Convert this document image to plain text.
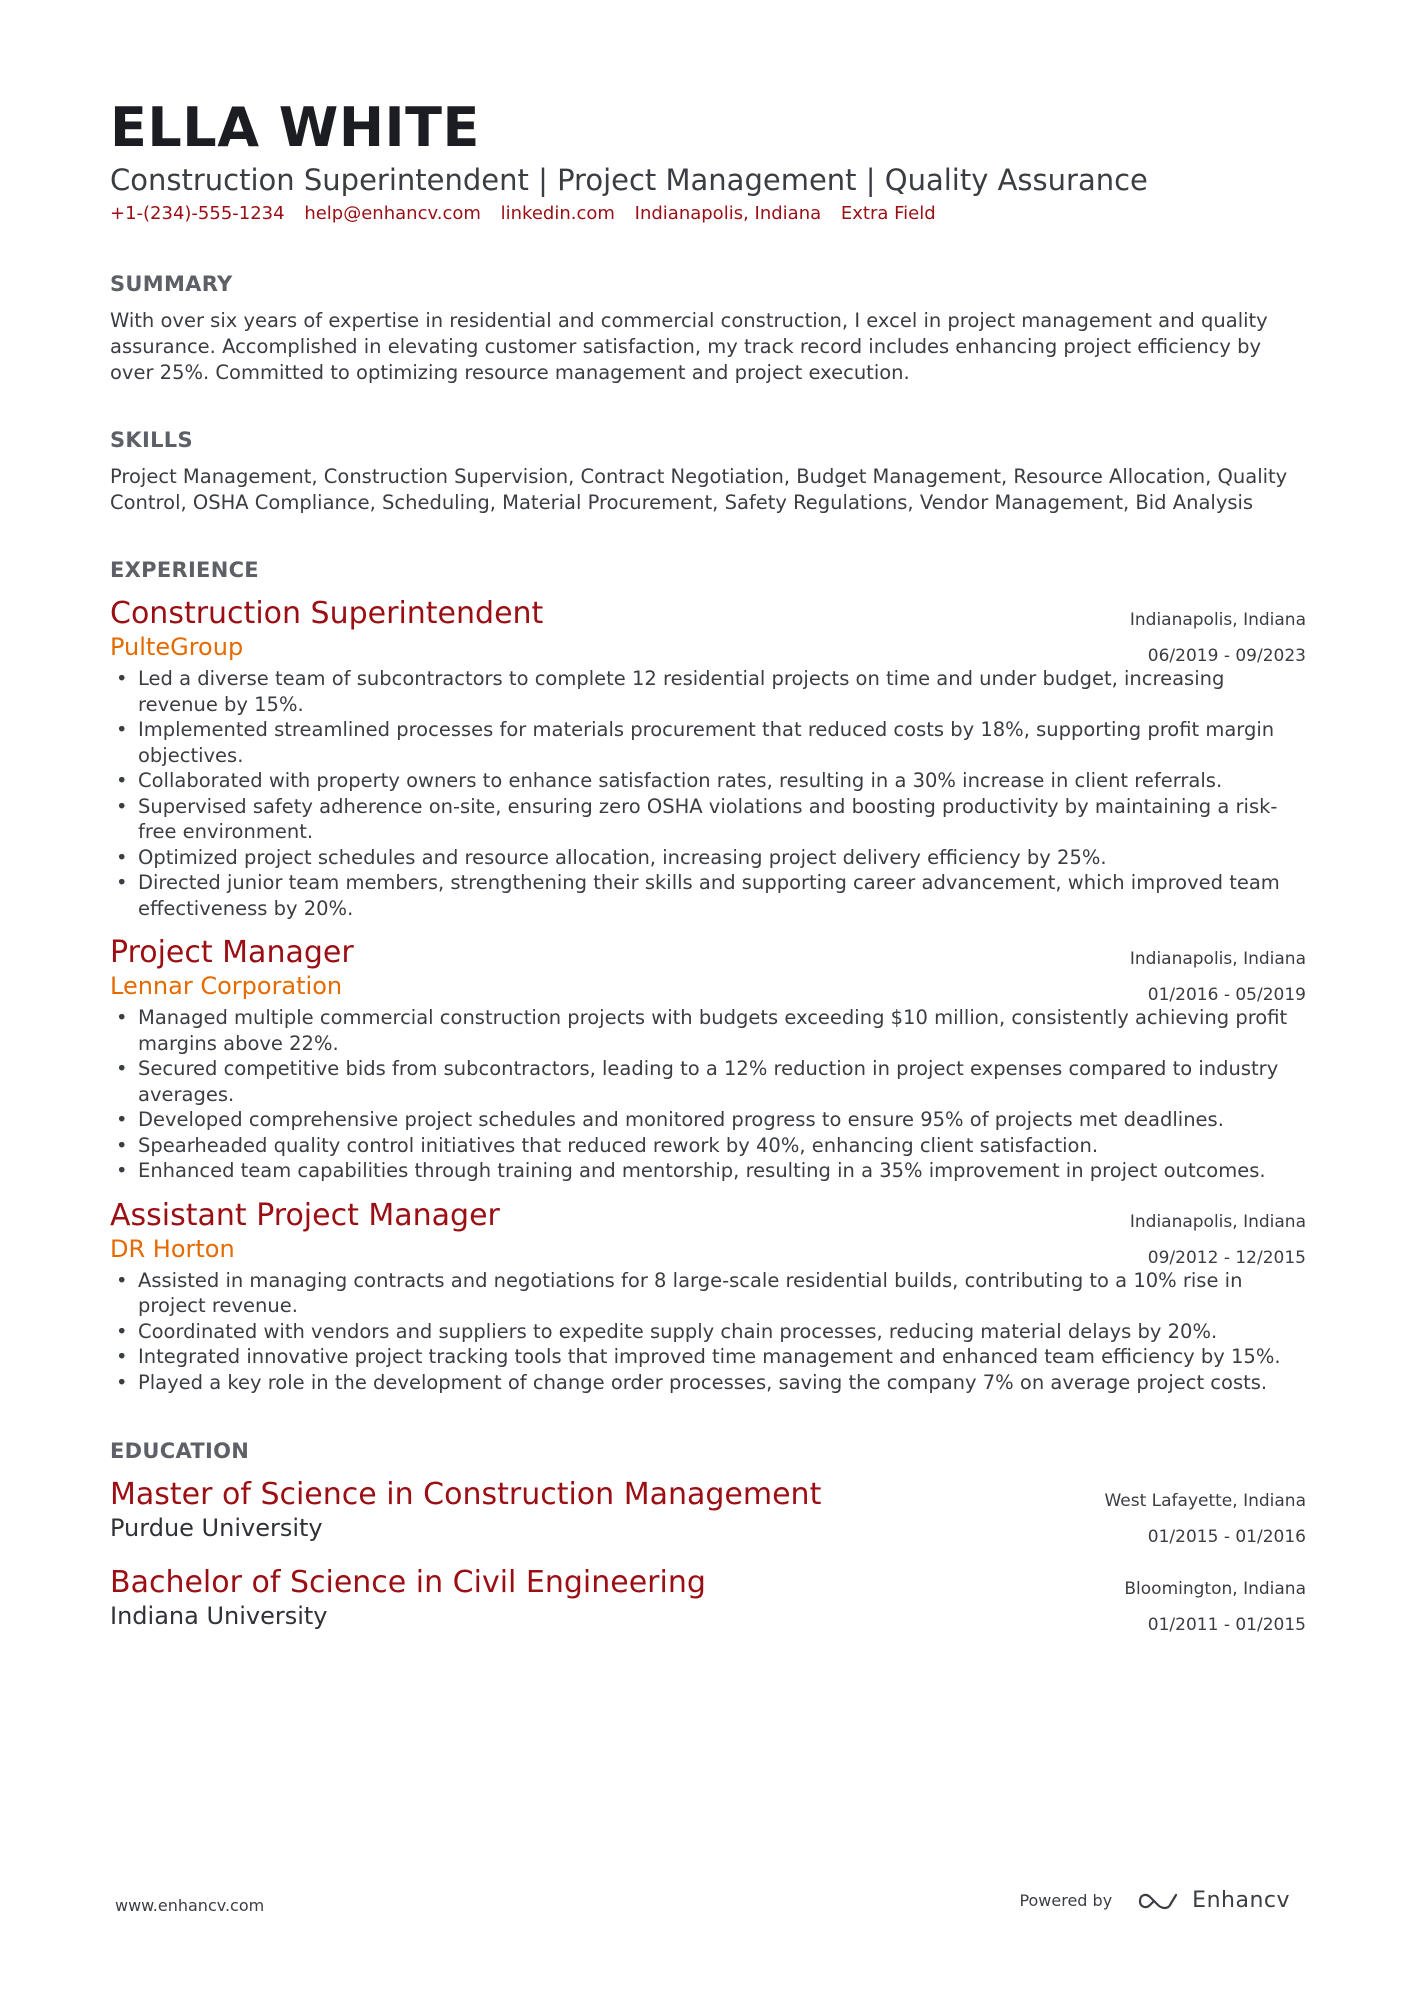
ELLA WHITE
Construction Superintendent | Project Management | Quality Assurance
+1-(234)-555-1234 help@enhancv.com linkedin.com Indianapolis, Indiana Extra Field
SUMMARY
With over six years of expertise in residential and commercial construction, I excel in project management and quality assurance. Accomplished in elevating customer satisfaction, my track record includes enhancing project efficiency by over 25%. Committed to optimizing resource management and project execution.
SKILLS
Project Management, Construction Supervision, Contract Negotiation, Budget Management, Resource Allocation, Quality Control, OSHA Compliance, Scheduling, Material Procurement, Safety Regulations, Vendor Management, Bid Analysis
EXPERIENCE
Construction Superintendent
PulteGroup
Indianapolis, Indiana
06/2019 - 09/2023
• Led a diverse team of subcontractors to complete 12 residential projects on time and under budget, increasing revenue by 15%.
• Implemented streamlined processes for materials procurement that reduced costs by 18%, supporting profit margin objectives.
• Collaborated with property owners to enhance satisfaction rates, resulting in a 30% increase in client referrals.
• Supervised safety adherence on-site, ensuring zero OSHA violations and boosting productivity by maintaining a risk-free environment.
• Optimized project schedules and resource allocation, increasing project delivery efficiency by 25%.
• Directed junior team members, strengthening their skills and supporting career advancement, which improved team effectiveness by 20%.
Project Manager
Lennar Corporation
Indianapolis, Indiana
01/2016 - 05/2019
• Managed multiple commercial construction projects with budgets exceeding $10 million, consistently achieving profit margins above 22%.
• Secured competitive bids from subcontractors, leading to a 12% reduction in project expenses compared to industry averages.
• Developed comprehensive project schedules and monitored progress to ensure 95% of projects met deadlines.
• Spearheaded quality control initiatives that reduced rework by 40%, enhancing client satisfaction.
• Enhanced team capabilities through training and mentorship, resulting in a 35% improvement in project outcomes.
Assistant Project Manager
DR Horton
Indianapolis, Indiana
09/2012 - 12/2015
• Assisted in managing contracts and negotiations for 8 large-scale residential builds, contributing to a 10% rise in project revenue.
• Coordinated with vendors and suppliers to expedite supply chain processes, reducing material delays by 20%.
• Integrated innovative project tracking tools that improved time management and enhanced team efficiency by 15%.
• Played a key role in the development of change order processes, saving the company 7% on average project costs.
EDUCATION
Master of Science in Construction Management
Purdue University
West Lafayette, Indiana
01/2015 - 01/2016
Bachelor of Science in Civil Engineering
Indiana University
Bloomington, Indiana
01/2011 - 01/2015
www.enhancv.com	Powered by	Enhancv
